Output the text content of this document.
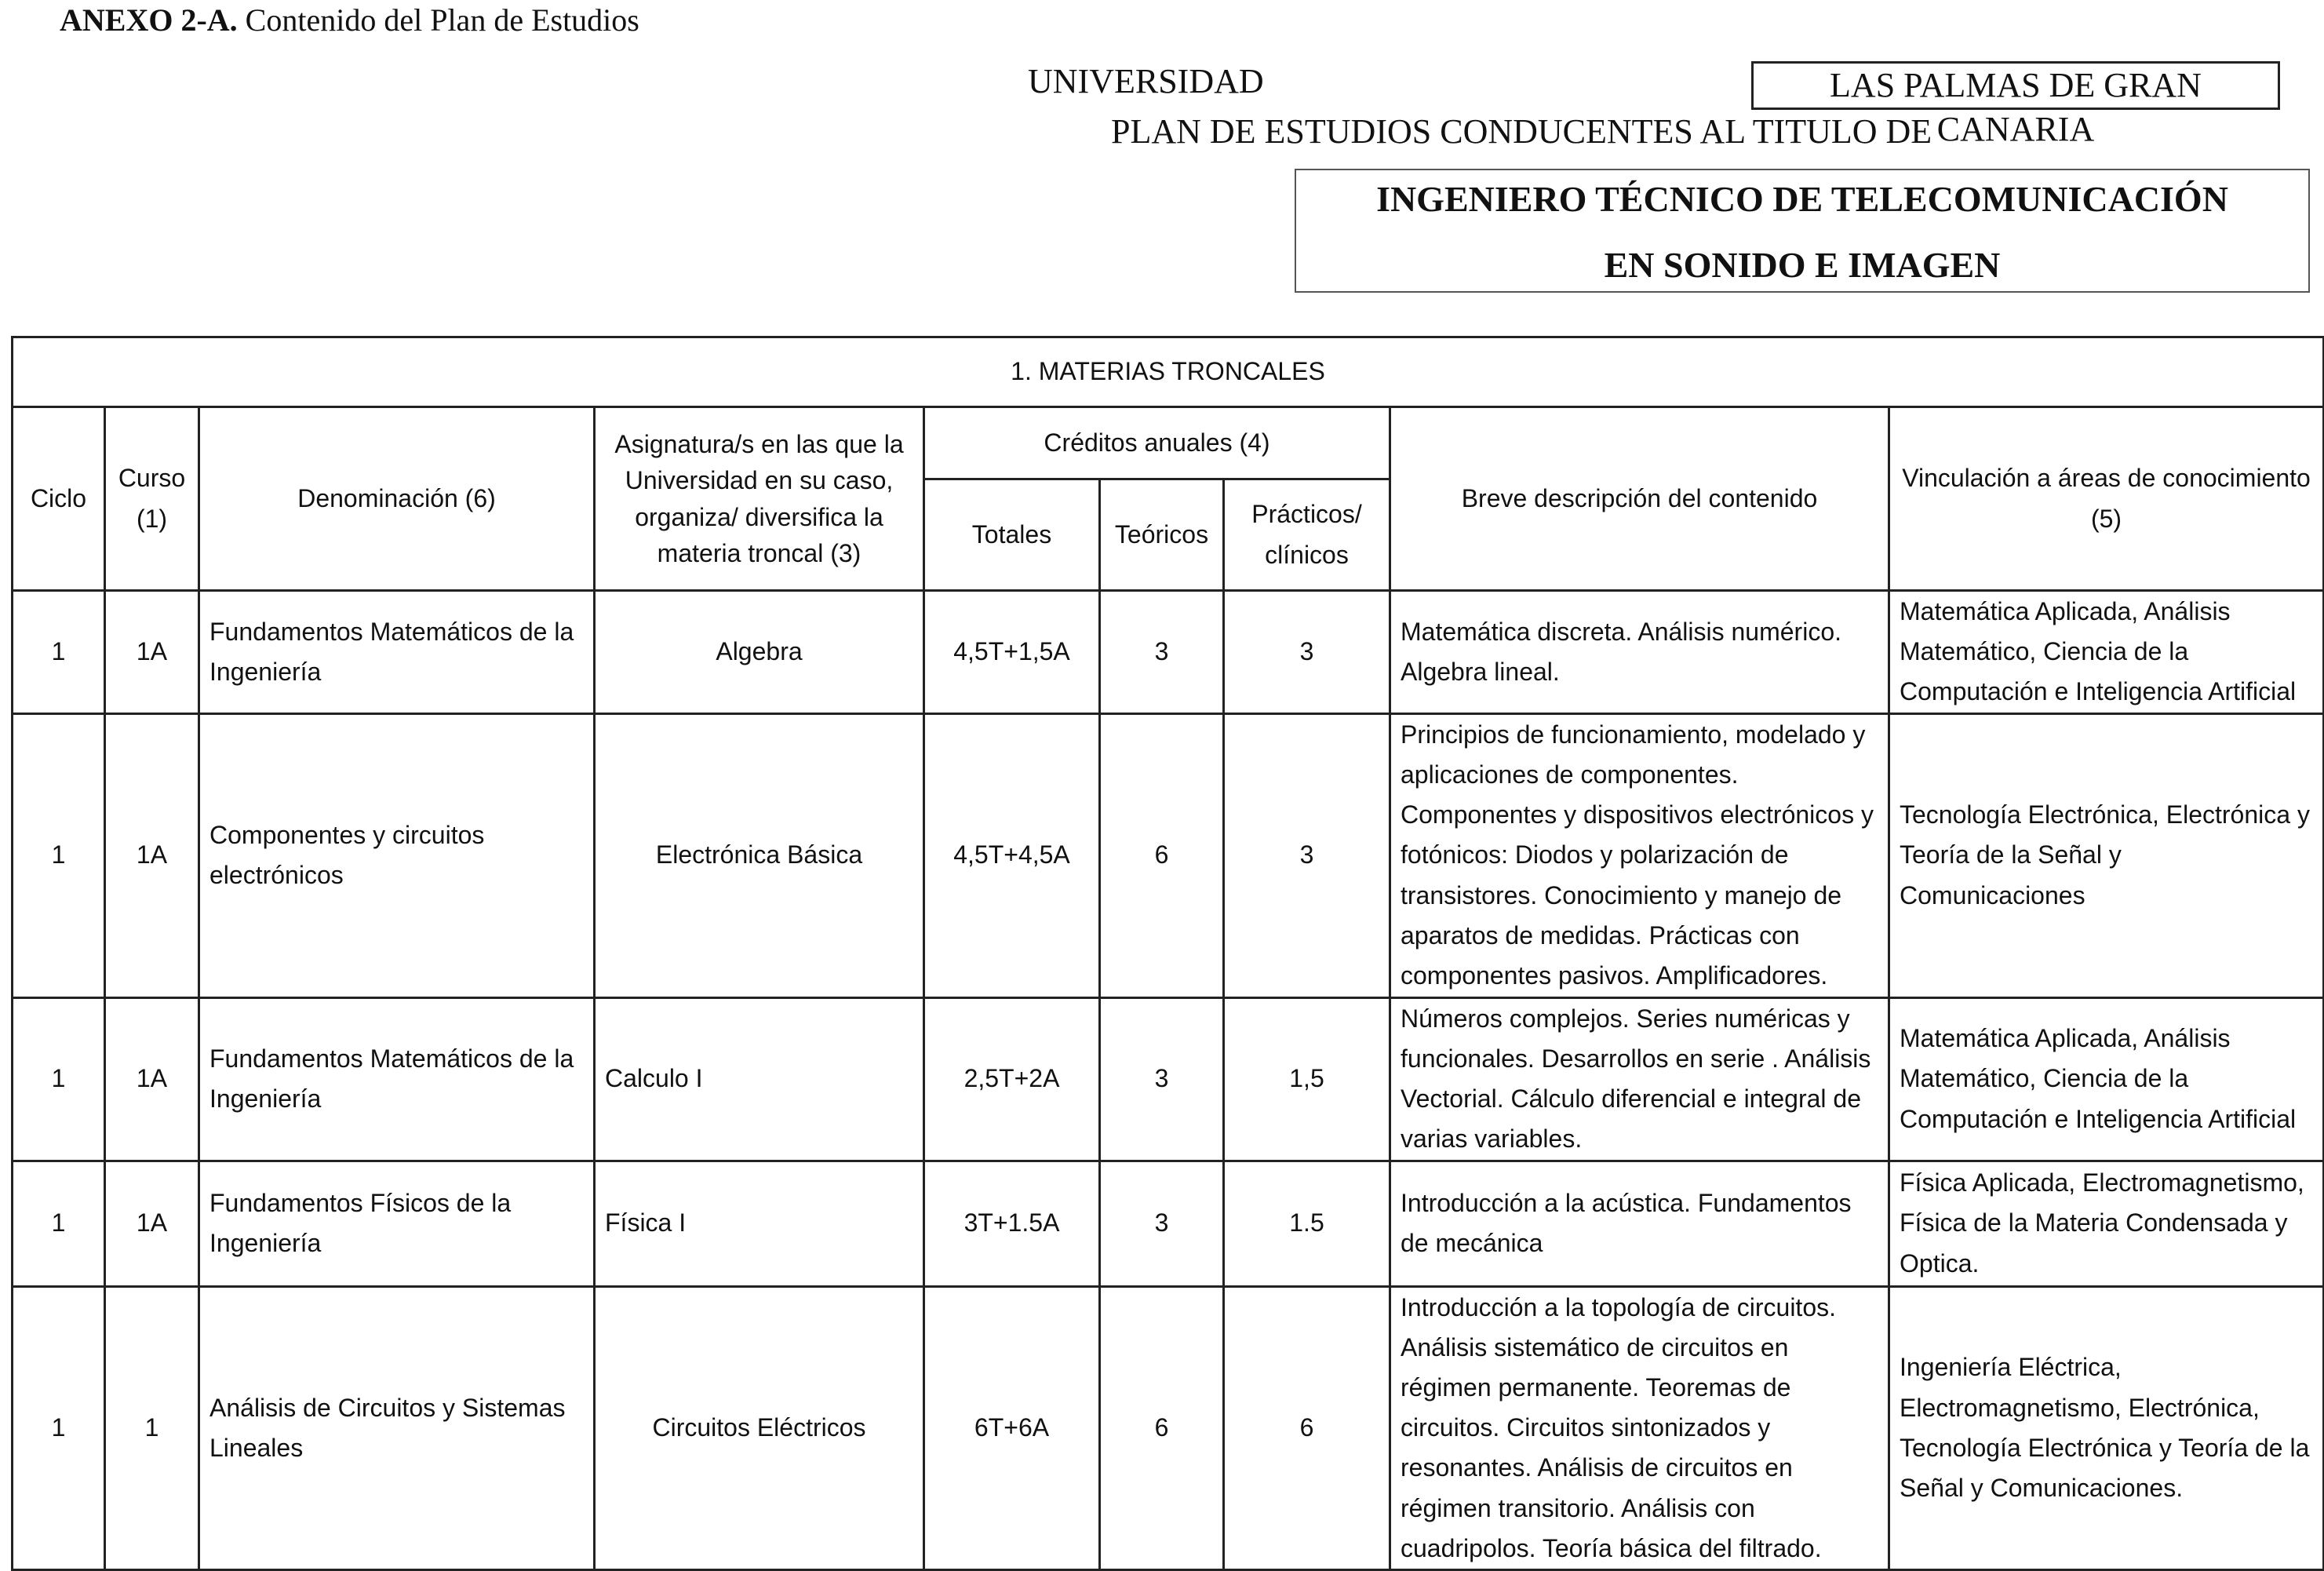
ANEXO 2-A. Contenido del Plan de Estudios
UNIVERSIDAD	LAS PALMAS DE GRAN CANARIA
PLAN DE ESTUDIOS CONDUCENTES AL TITULO DE
INGENIERO TÉCNICO DE TELECOMUNICACIÓN
EN SONIDO E IMAGEN
1. MATERIAS TRONCALES								
Ciclo	Curso (1)	Denominación (6)	Asignatura/s en las que la Universidad en su caso, organiza/ diversifica la materia troncal (3)	Créditos anuales (4)			Breve descripción del contenido	Vinculación a áreas de conocimiento (5)
				Totales	Teóricos	Prácticos/ clínicos		
1	1A	Fundamentos Matemáticos de la Ingeniería	Algebra	4,5T+1,5A	3	3	Matemática discreta. Análisis numérico. Algebra lineal.	Matemática Aplicada, Análisis Matemático, Ciencia de la Computación e Inteligencia Artificial
1	1A	Componentes y circuitos electrónicos	Electrónica Básica	4,5T+4,5A	6	3	Principios de funcionamiento, modelado y aplicaciones de componentes. Componentes y dispositivos electrónicos y fotónicos: Diodos y polarización de transistores. Conocimiento y manejo de aparatos de medidas. Prácticas con componentes pasivos. Amplificadores.	Tecnología Electrónica, Electrónica y Teoría de la Señal y Comunicaciones
1	1A	Fundamentos Matemáticos de la Ingeniería	Calculo I	2,5T+2A	3	1,5	Números complejos. Series numéricas y funcionales. Desarrollos en serie . Análisis Vectorial. Cálculo diferencial e integral de varias variables.	Matemática Aplicada, Análisis Matemático, Ciencia de la Computación e Inteligencia Artificial
1	1A	Fundamentos Físicos de la Ingeniería	Física I	3T+1.5A	3	1.5	Introducción a la acústica. Fundamentos de mecánica	Física Aplicada, Electromagnetismo, Física de la Materia Condensada y Optica.
1	1	Análisis de Circuitos y Sistemas Lineales	Circuitos Eléctricos	6T+6A	6	6	Introducción a la topología de circuitos. Análisis sistemático de circuitos en régimen permanente. Teoremas de circuitos. Circuitos sintonizados y resonantes. Análisis de circuitos en régimen transitorio. Análisis con cuadripolos. Teoría básica del filtrado.	Ingeniería Eléctrica, Electromagnetismo, Electrónica, Tecnología Electrónica y Teoría de la Señal y Comunicaciones.
